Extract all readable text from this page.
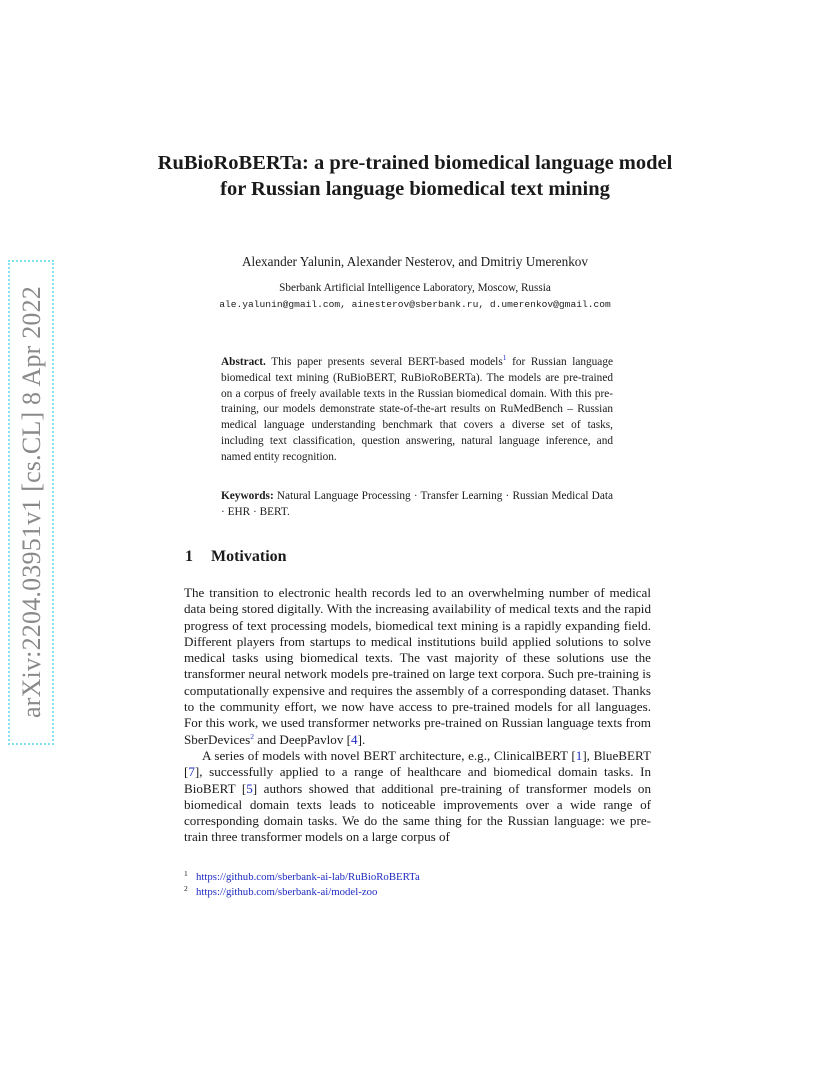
arXiv:2204.03951v1 [cs.CL] 8 Apr 2022
RuBioRoBERTa: a pre-trained biomedical language model for Russian language biomedical text mining
Alexander Yalunin, Alexander Nesterov, and Dmitriy Umerenkov
Sberbank Artificial Intelligence Laboratory, Moscow, Russia
ale.yalunin@gmail.com, ainesterov@sberbank.ru, d.umerenkov@gmail.com
Abstract. This paper presents several BERT-based models$^1$ for Russian language biomedical text mining (RuBioBERT, RuBioRoBERTa). The models are pre-trained on a corpus of freely available texts in the Russian biomedical domain. With this pre-training, our models demonstrate state-of-the-art results on RuMedBench – Russian medical language understanding benchmark that covers a diverse set of tasks, including text classification, question answering, natural language inference, and named entity recognition.
Keywords: Natural Language Processing · Transfer Learning · Russian Medical Data · EHR · BERT.
1 Motivation

The transition to electronic health records led to an overwhelming number of medical data being stored digitally. With the increasing availability of medical texts and the rapid progress of text processing models, biomedical text mining is a rapidly expanding field. Different players from startups to medical institutions build applied solutions to solve medical tasks using biomedical texts. The vast majority of these solutions use the transformer neural network models pre-trained on large text corpora. Such pre-training is computationally expensive and requires the assembly of a corresponding dataset. Thanks to the community effort, we now have access to pre-trained models for all languages. For this work, we used transformer networks pre-trained on Russian language texts from SberDevices$^2$ and DeepPavlov [4].

A series of models with novel BERT architecture, e.g., ClinicalBERT [1], BlueBERT [7], successfully applied to a range of healthcare and biomedical domain tasks. In BioBERT [5] authors showed that additional pre-training of transformer models on biomedical domain texts leads to noticeable improvements over a wide range of corresponding domain tasks. We do the same thing for the Russian language: we pre-train three transformer models on a large corpus of

1 https://github.com/sberbank-ai-lab/RuBioRoBERTa
2 https://github.com/sberbank-ai/model-zoo
